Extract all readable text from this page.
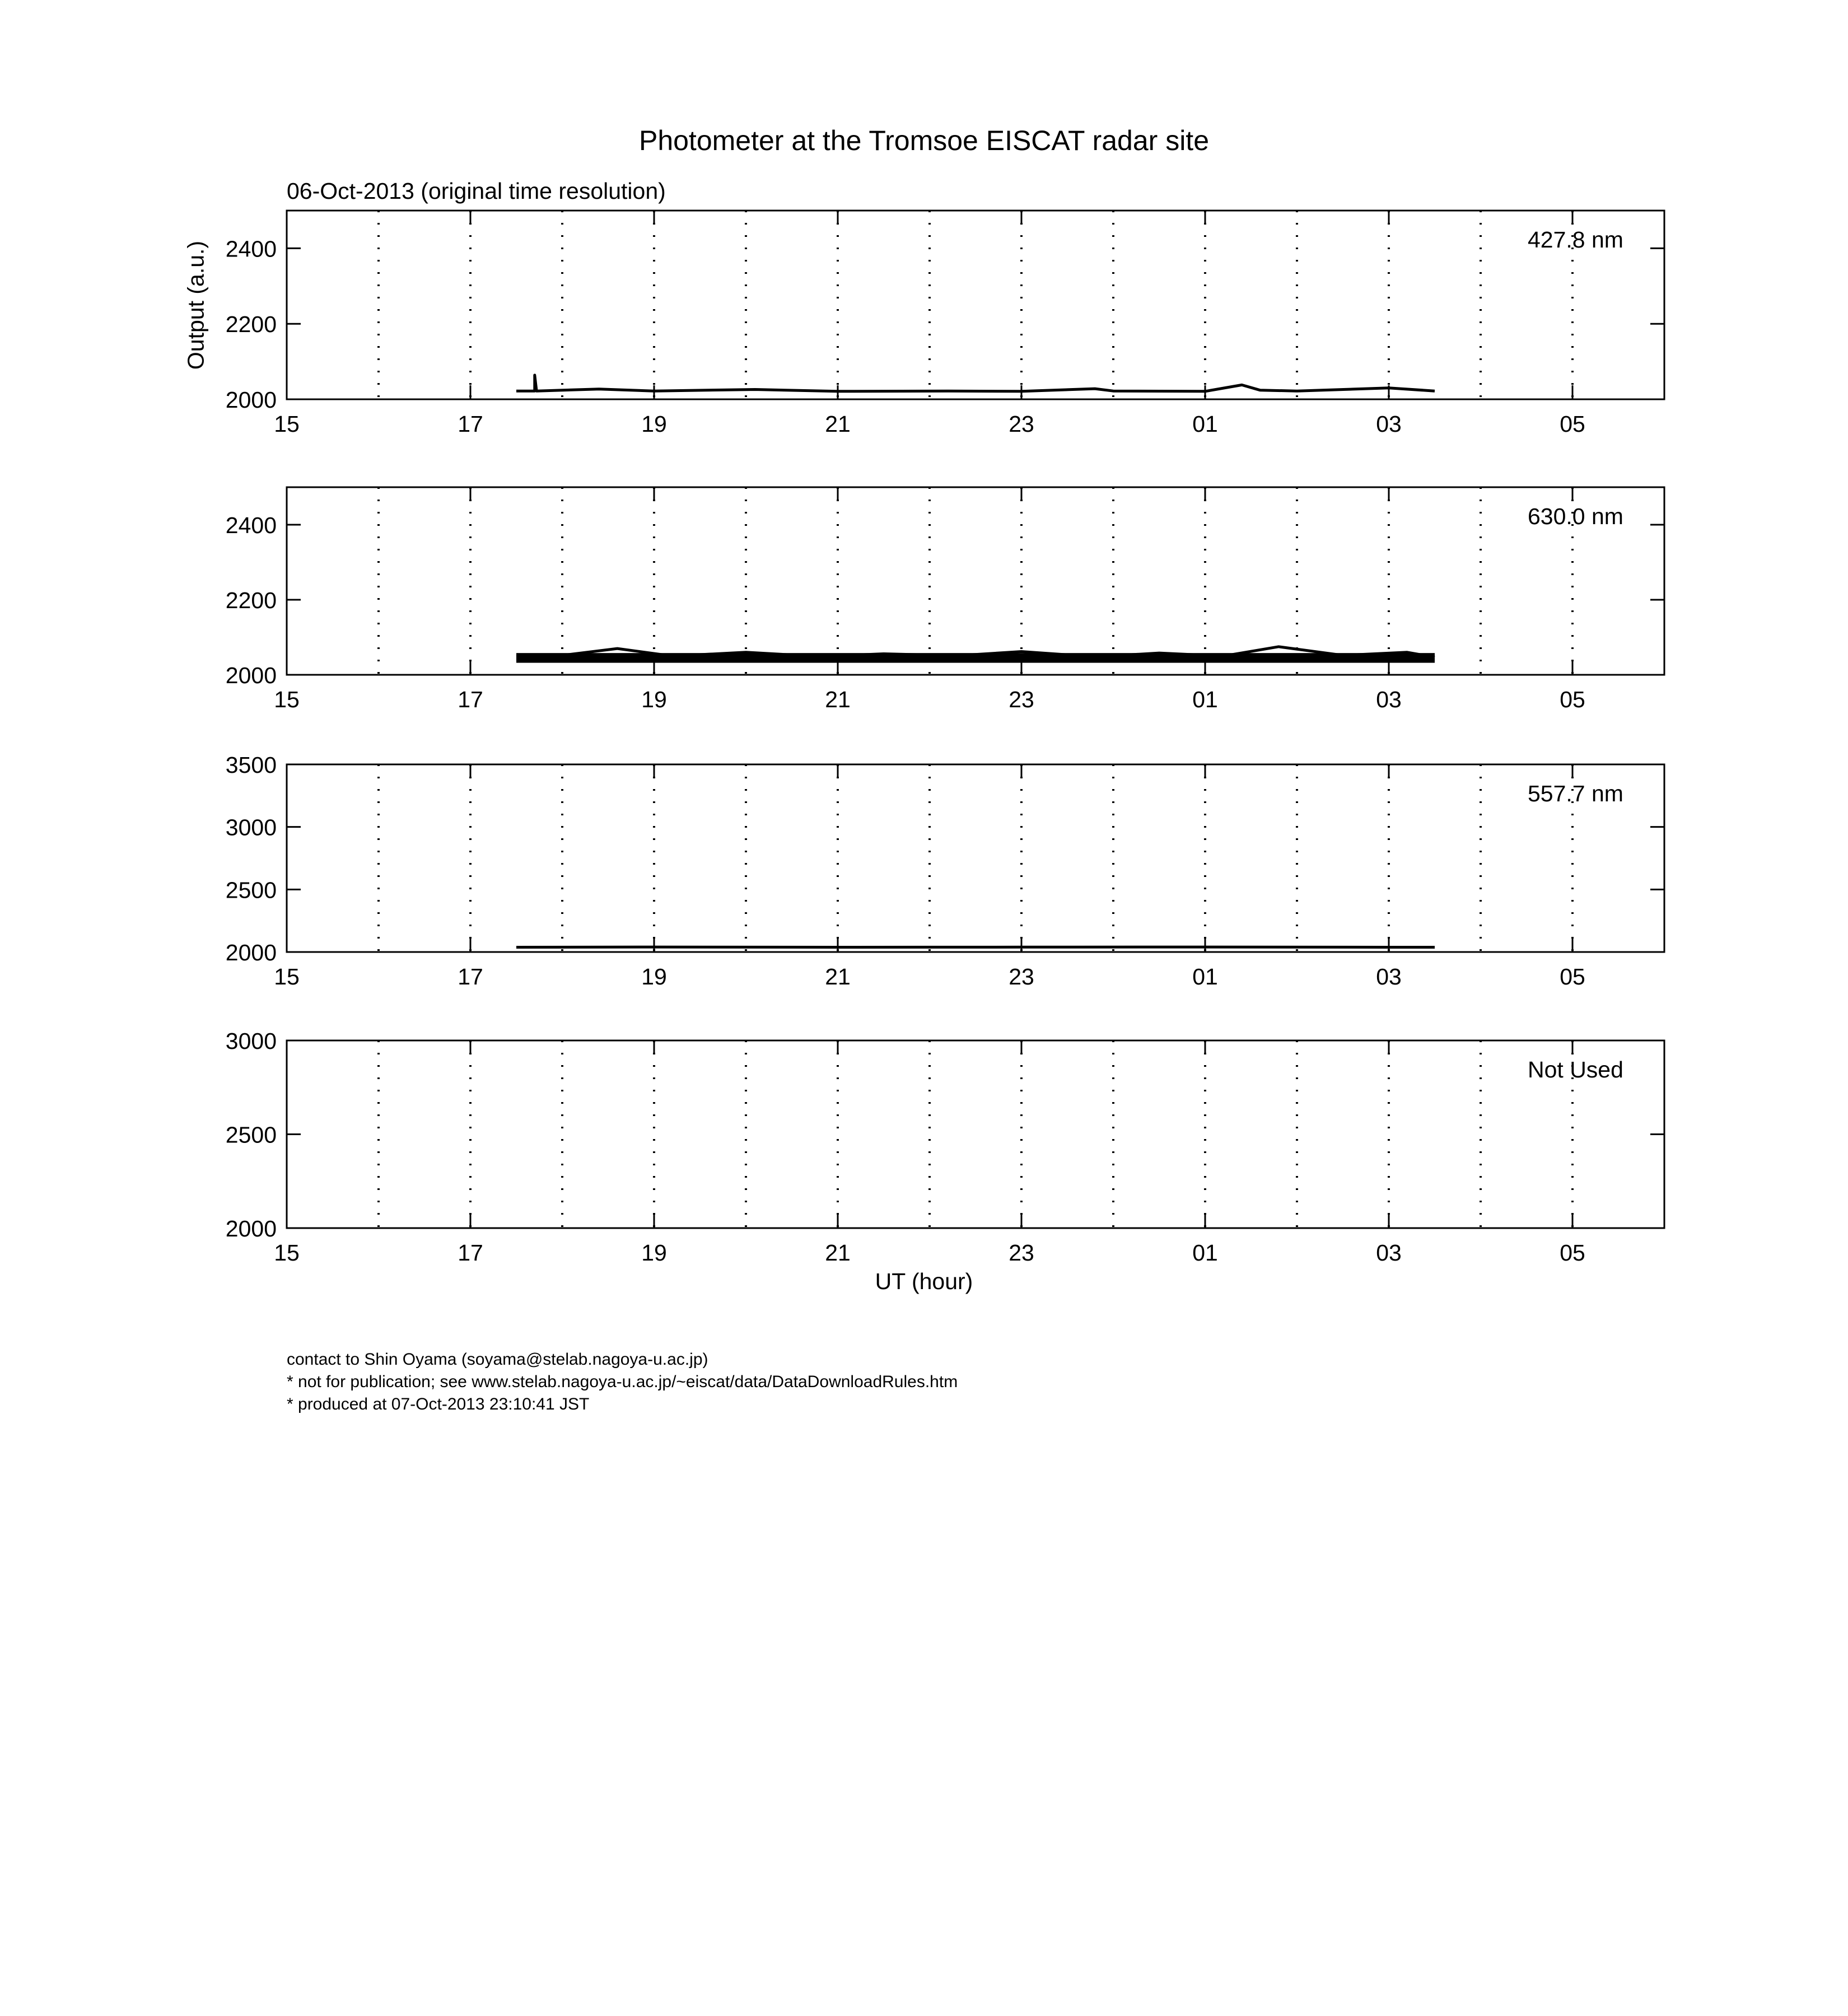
Photometer at the Tromsoe EISCAT radar site
06-Oct-2013 (original time resolution)
Output (a.u.)
15	17	19	21	23	01	03	05
2000
2200
2400	427.8 nm
15	17	19	21	23	01	03	05
2000
2200
2400	630.0 nm
15	17	19	21	23	01	03	05
2000
2500
3000
3500
557.7 nm
15	17	19	21	23	01	03	05
2000
2500
3000
Not Used
UT (hour)
contact to Shin Oyama (soyama@stelab.nagoya-u.ac.jp)
* not for publication; see www.stelab.nagoya-u.ac.jp/~eiscat/data/DataDownloadRules.htm
* produced at 07-Oct-2013 23:10:41 JST
